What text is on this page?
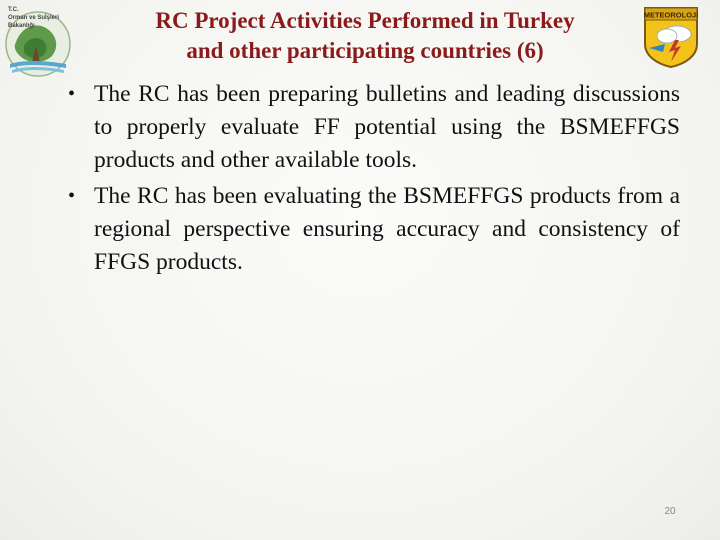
T.C.
Orman ve Suİşleri
Bakanlığı	RC Project Activities Performed in Turkey
and other participating countries (6)
METEOROLOJİ
• The RC has been preparing bulletins and leading discussions to properly evaluate FF potential using the BSMEFFGS products and other available tools.
• The RC has been evaluating the BSMEFFGS products from a regional perspective ensuring accuracy and consistency of FFGS products.
20
